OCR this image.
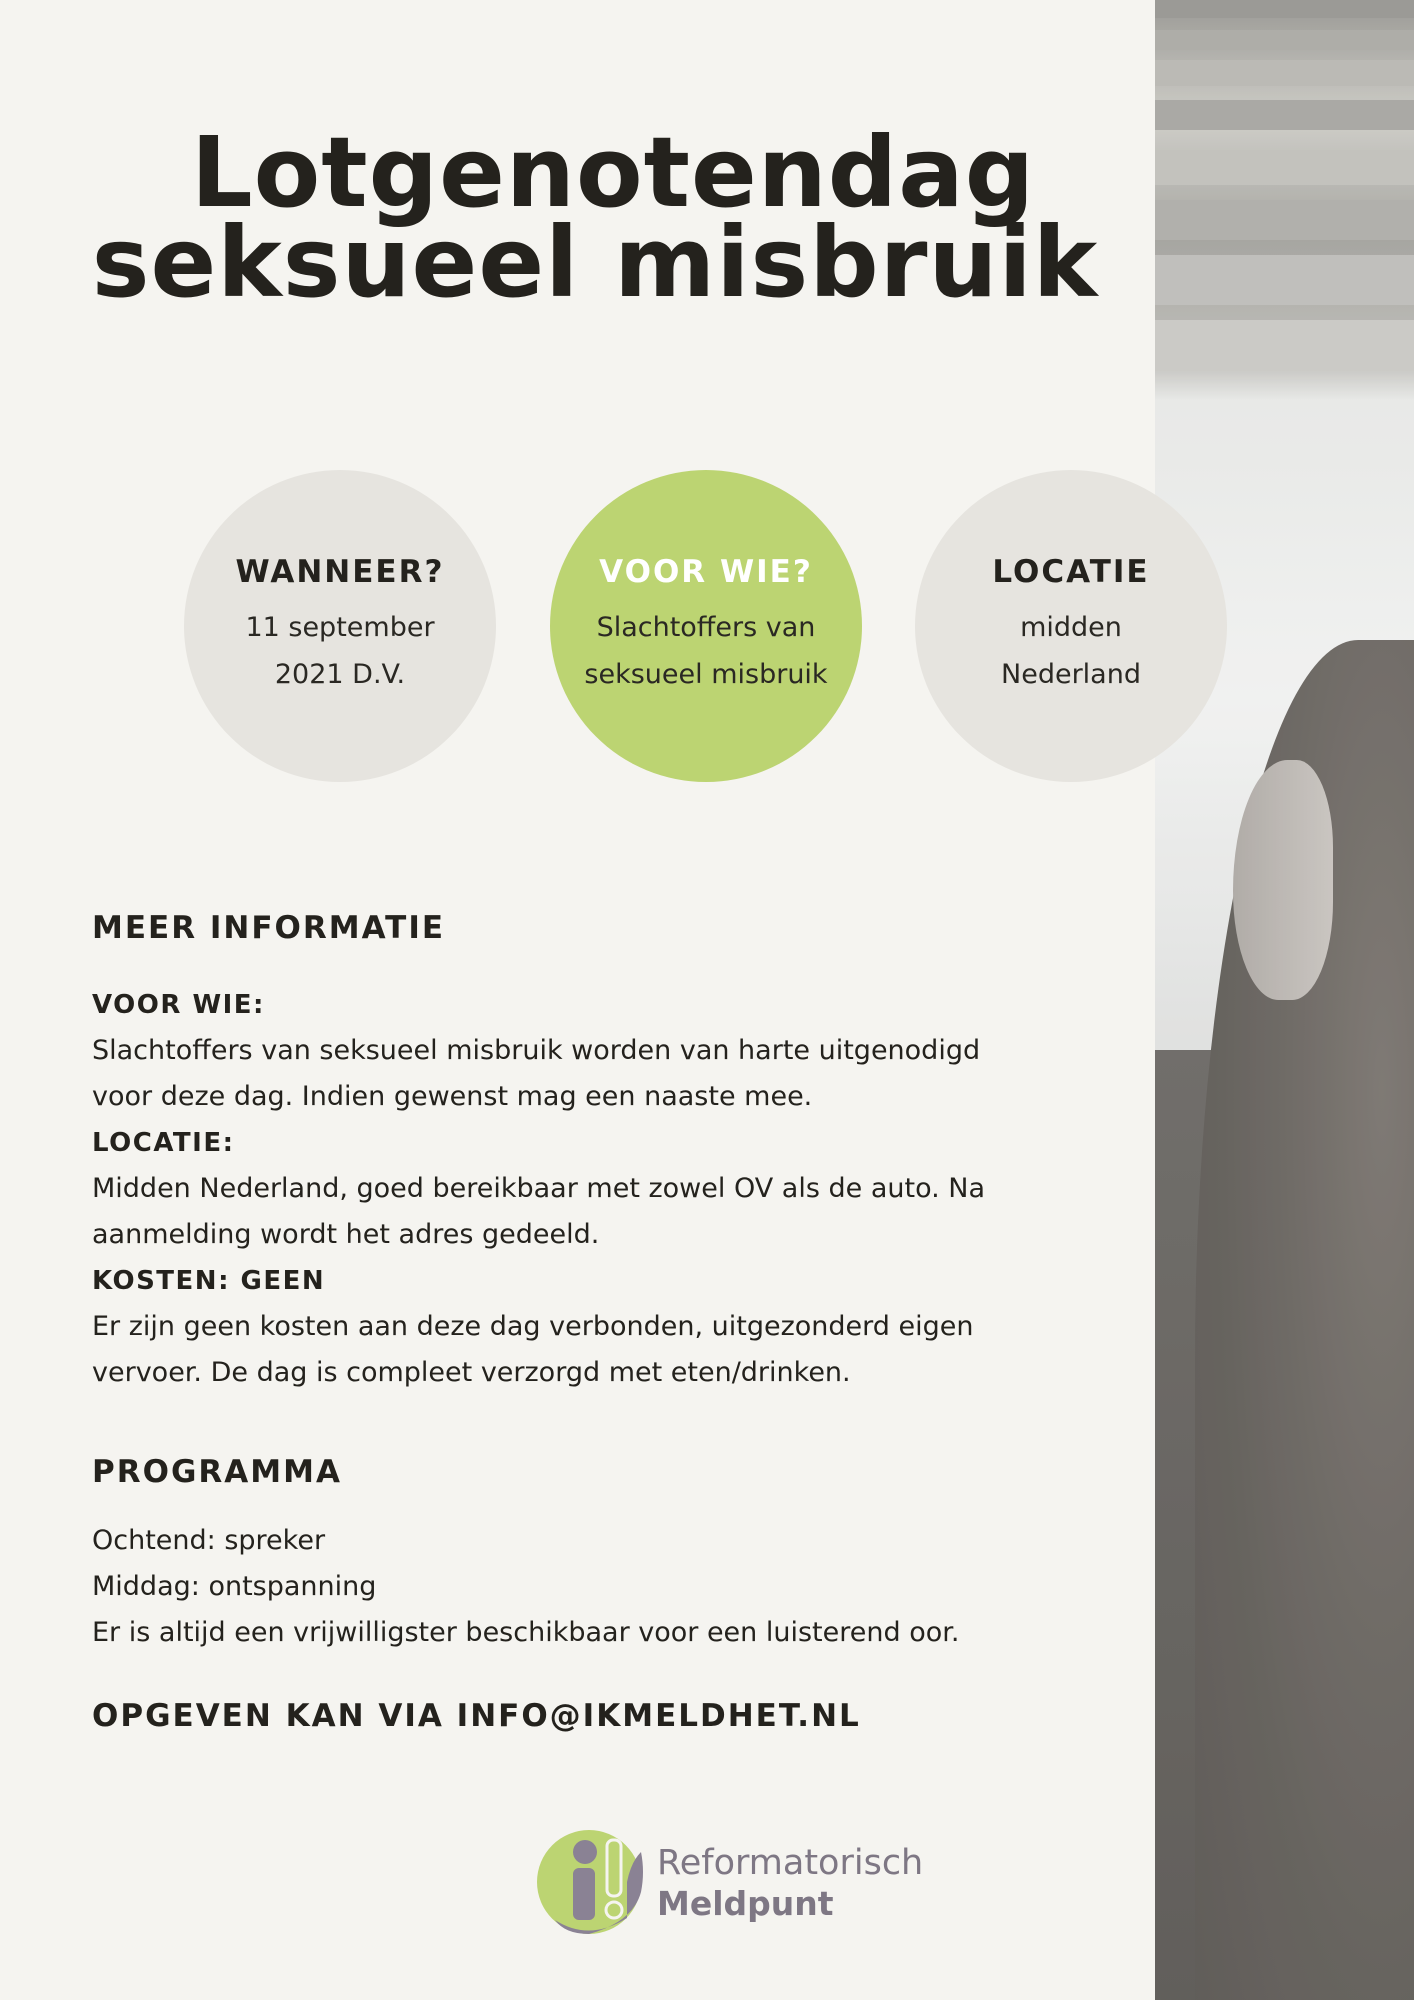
Lotgenotendag
seksueel misbruik
WANNEER?
11 september
2021 D.V.
VOOR WIE?
Slachtoffers van
seksueel misbruik
LOCATIE
midden
Nederland
MEER INFORMATIE
VOOR WIE:
Slachtoffers van seksueel misbruik worden van harte uitgenodigd
voor deze dag. Indien gewenst mag een naaste mee.
LOCATIE:
Midden Nederland, goed bereikbaar met zowel OV als de auto. Na
aanmelding wordt het adres gedeeld.
KOSTEN: GEEN
Er zijn geen kosten aan deze dag verbonden, uitgezonderd eigen
vervoer. De dag is compleet verzorgd met eten/drinken.
PROGRAMMA
Ochtend: spreker
Middag: ontspanning
Er is altijd een vrijwilligster beschikbaar voor een luisterend oor.
OPGEVEN KAN VIA INFO@IKMELDHET.NL
Reformatorisch
Meldpunt
